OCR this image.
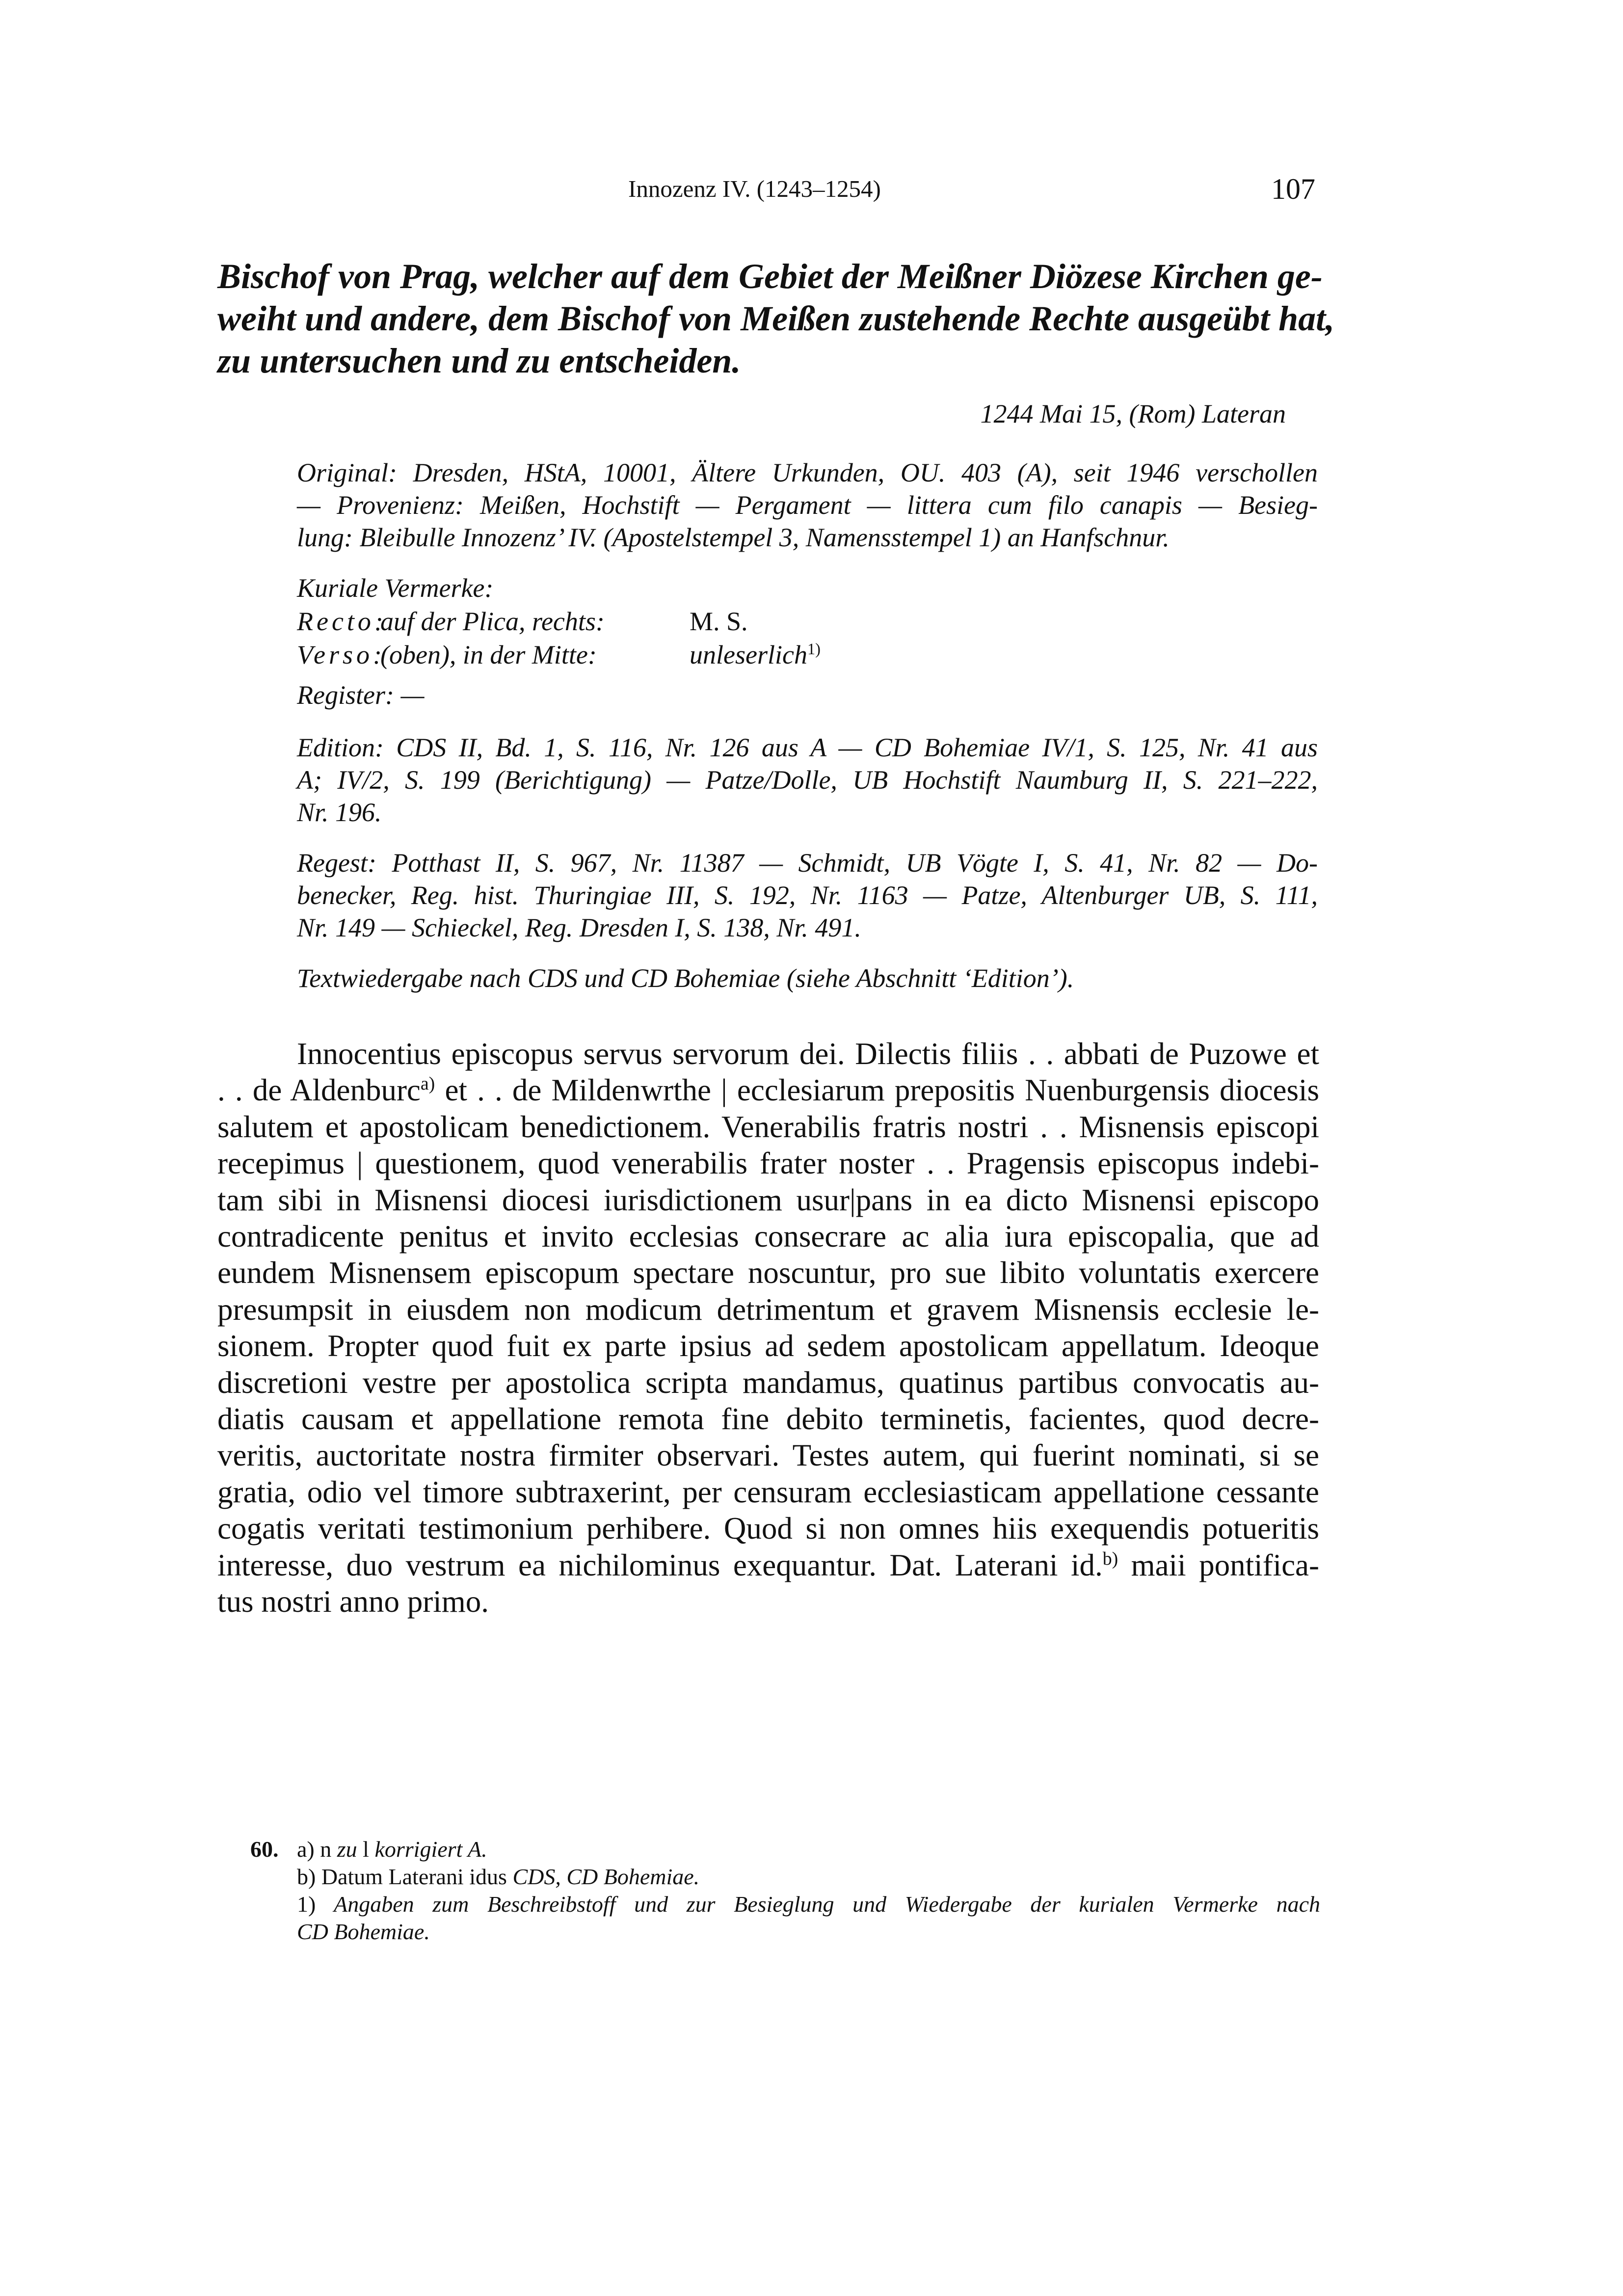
Innozenz IV. (1243–1254)	107
Bischof von Prag, welcher auf dem Gebiet der Meißner Diözese Kirchen ge-
weiht und andere, dem Bischof von Meißen zustehende Rechte ausgeübt hat,
zu untersuchen und zu entscheiden.
1244 Mai 15, (Rom) Lateran
Original: Dresden, HStA, 10001, Ältere Urkunden, OU. 403 (A), seit 1946 verschollen
— Provenienz: Meißen, Hochstift — Pergament — littera cum filo canapis — Besieg-
lung: Bleibulle Innozenz’ IV. (Apostelstempel 3, Namensstempel 1) an Hanfschnur.
Kuriale Vermerke:
Recto:
auf der Plica, rechts:	M. S.
Verso:
(oben), in der Mitte:	unleserlich$^{1)}$
Register: —
Edition: CDS II, Bd. 1, S. 116, Nr. 126 aus A — CD Bohemiae IV/1, S. 125, Nr. 41 aus
A; IV/2, S. 199 (Berichtigung) — Patze/Dolle, UB Hochstift Naumburg II, S. 221–222,
Nr. 196.
Regest: Potthast II, S. 967, Nr. 11387 — Schmidt, UB Vögte I, S. 41, Nr. 82 — Do-
benecker, Reg. hist. Thuringiae III, S. 192, Nr. 1163 — Patze, Altenburger UB, S. 111,
Nr. 149 — Schieckel, Reg. Dresden I, S. 138, Nr. 491.
Textwiedergabe nach CDS und CD Bohemiae (siehe Abschnitt ‘Edition’).
Innocentius episcopus servus servorum dei. Dilectis filiis . . abbati de Puzowe et
. . de Aldenburc$^{a)}$ et . . de Mildenwrthe | ecclesiarum prepositis Nuenburgensis diocesis
salutem et apostolicam benedictionem. Venerabilis fratris nostri . . Misnensis episcopi
recepimus | questionem, quod venerabilis frater noster . . Pragensis episcopus indebi-
tam sibi in Misnensi diocesi iurisdictionem usur|pans in ea dicto Misnensi episcopo
contradicente penitus et invito ecclesias consecrare ac alia iura episcopalia, que ad
eundem Misnensem episcopum spectare noscuntur, pro sue libito voluntatis exercere
presumpsit in eiusdem non modicum detrimentum et gravem Misnensis ecclesie le-
sionem. Propter quod fuit ex parte ipsius ad sedem apostolicam appellatum. Ideoque
discretioni vestre per apostolica scripta mandamus, quatinus partibus convocatis au-
diatis causam et appellatione remota fine debito terminetis, facientes, quod decre-
veritis, auctoritate nostra firmiter observari. Testes autem, qui fuerint nominati, si se
gratia, odio vel timore subtraxerint, per censuram ecclesiasticam appellatione cessante
cogatis veritati testimonium perhibere. Quod si non omnes hiis exequendis potueritis
interesse, duo vestrum ea nichilominus exequantur. Dat. Laterani id.$^{b)}$ maii pontifica-
tus nostri anno primo.
60. a) n zu l korrigiert A.
b) Datum Laterani idus CDS, CD Bohemiae.
1) Angaben zum Beschreibstoff und zur Besieglung und Wiedergabe der kurialen Vermerke nach
CD Bohemiae.
